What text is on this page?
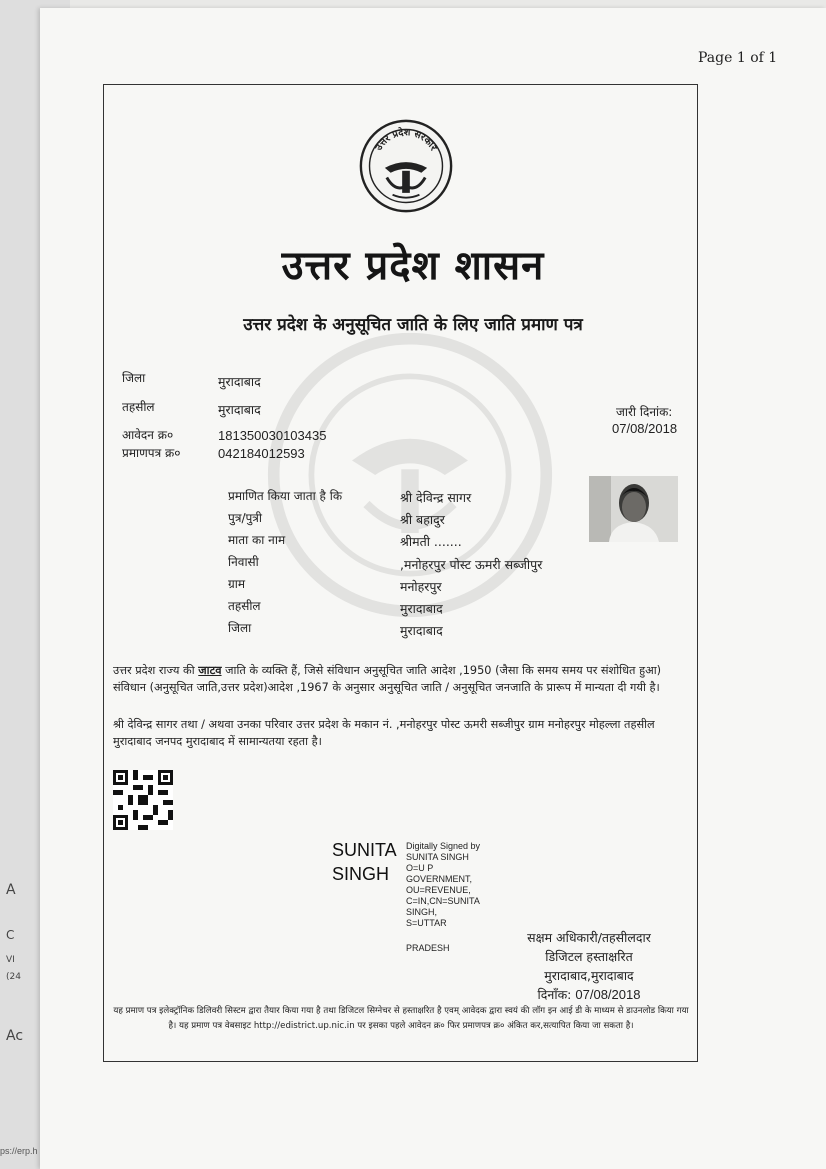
A
C
VI
(24
Ac
Page 1 of 1
उत्तर प्रदेश सरकार
उत्तर प्रदेश शासन
उत्तर प्रदेश के अनुसूचित जाति के लिए जाति प्रमाण पत्र
जिला	मुरादाबाद
तहसील	मुरादाबाद
आवेदन क्र०	181350030103435
प्रमाणपत्र क्र०	042184012593
जारी दिनांक:
07/08/2018
प्रमाणित किया जाता है कि	श्री देविन्द्र सागर
पुत्र/पुत्री	श्री बहादुर
माता का नाम	श्रीमती .......
निवासी	,मनोहरपुर पोस्ट ऊमरी सब्जीपुर
ग्राम	मनोहरपुर
तहसील	मुरादाबाद
जिला	मुरादाबाद
उत्तर प्रदेश राज्य की जाटव जाति के व्यक्ति हैं, जिसे संविधान अनुसूचित जाति आदेश ,1950 (जैसा कि समय समय पर संशोधित हुआ) संविधान (अनुसूचित जाति,उत्तर प्रदेश)आदेश ,1967 के अनुसार अनुसूचित जाति / अनुसूचित जनजाति के प्रारूप में मान्यता दी गयी है।
श्री देविन्द्र सागर तथा / अथवा उनका परिवार उत्तर प्रदेश के मकान नं. ,मनोहरपुर पोस्ट ऊमरी सब्जीपुर ग्राम मनोहरपुर मोहल्ला तहसील मुरादाबाद जनपद मुरादाबाद में सामान्यतया रहता है।
SUNITA
SINGH
Digitally Signed by
SUNITA SINGH
O=U P
GOVERNMENT,
OU=REVENUE,
C=IN,CN=SUNITA
SINGH,
S=UTTAR
PRADESH
सक्षम अधिकारी/तहसीलदार
डिजिटल हस्ताक्षरित
मुरादाबाद,मुरादाबाद
दिनाँक: 07/08/2018
यह प्रमाण पत्र इलेक्ट्रॉनिक डिलिवरी सिस्टम द्वारा तैयार किया गया है तथा डिजिटल सिग्नेचर से हस्ताक्षरित है एवम् आवेदक द्वारा स्वयं की लॉग इन आई डी के माध्यम से डाउनलोड किया गया है। यह प्रमाण पत्र वेबसाइट http://edistrict.up.nic.in पर इसका पहले आवेदन क्र० फिर प्रमाणपत्र क्र० अंकित कर,सत्यापित किया जा सकता है।
ps://erp.h
